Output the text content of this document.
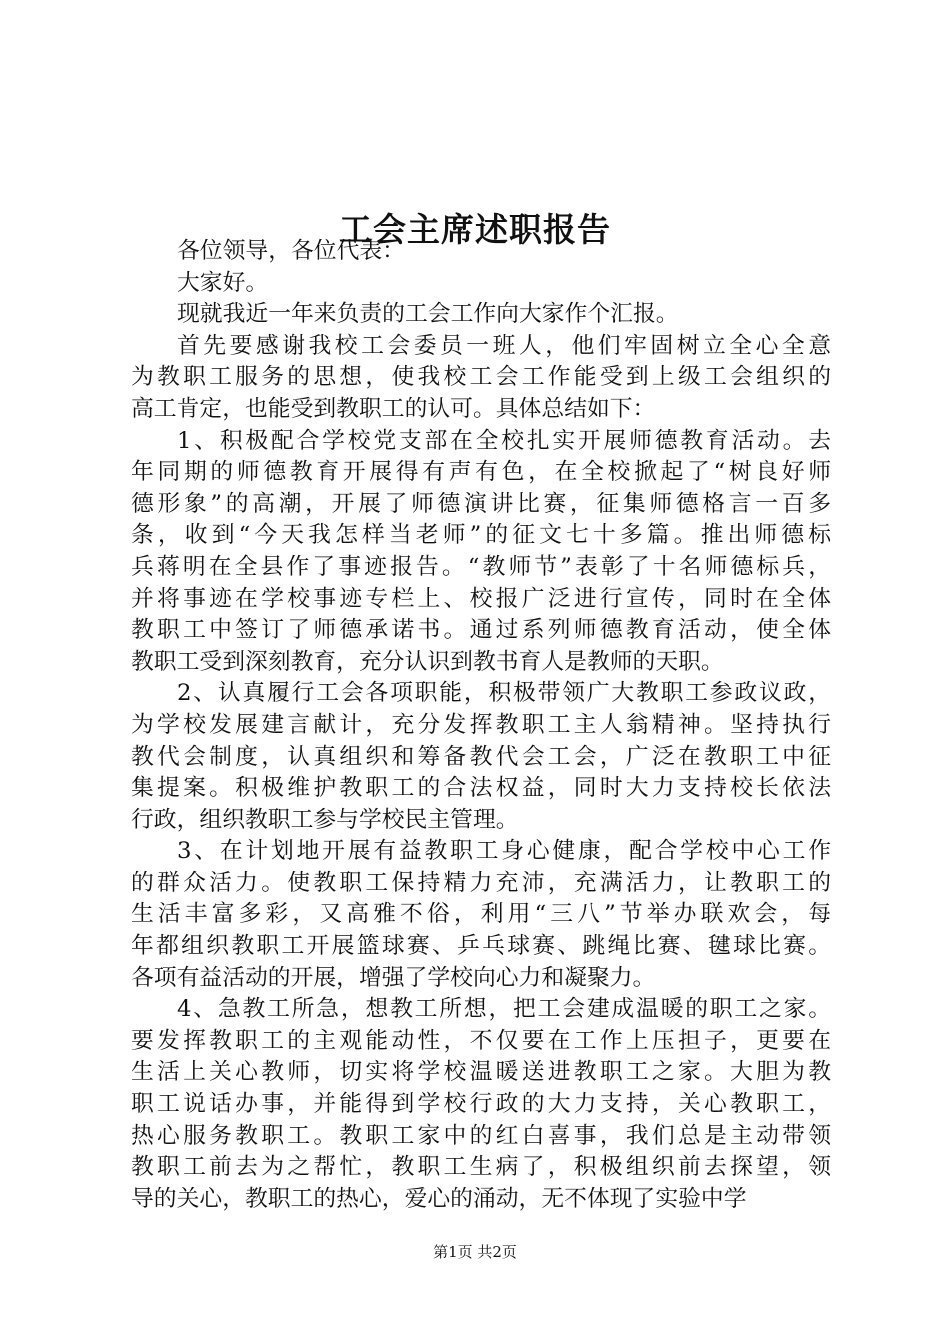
工会主席述职报告
各位领导，各位代表：
大家好。
现就我近一年来负责的工会工作向大家作个汇报。
首先要感谢我校工会委员一班人，他们牢固树立全心全意
为教职工服务的思想，使我校工会工作能受到上级工会组织的
高工肯定，也能受到教职工的认可。具体总结如下：
1、积极配合学校党支部在全校扎实开展师德教育活动。去
年同期的师德教育开展得有声有色，在全校掀起了“树良好师
德形象”的高潮，开展了师德演讲比赛，征集师德格言一百多
条，收到“今天我怎样当老师”的征文七十多篇。推出师德标
兵蒋明在全县作了事迹报告。“教师节”表彰了十名师德标兵，
并将事迹在学校事迹专栏上、校报广泛进行宣传，同时在全体
教职工中签订了师德承诺书。通过系列师德教育活动，使全体
教职工受到深刻教育，充分认识到教书育人是教师的天职。
2、认真履行工会各项职能，积极带领广大教职工参政议政，
为学校发展建言献计，充分发挥教职工主人翁精神。坚持执行
教代会制度，认真组织和筹备教代会工会，广泛在教职工中征
集提案。积极维护教职工的合法权益，同时大力支持校长依法
行政，组织教职工参与学校民主管理。
3、在计划地开展有益教职工身心健康，配合学校中心工作
的群众活力。使教职工保持精力充沛，充满活力，让教职工的
生活丰富多彩，又高雅不俗，利用“三八”节举办联欢会，每
年都组织教职工开展篮球赛、乒乓球赛、跳绳比赛、毽球比赛。
各项有益活动的开展，增强了学校向心力和凝聚力。
4、急教工所急，想教工所想，把工会建成温暖的职工之家。
要发挥教职工的主观能动性，不仅要在工作上压担子，更要在
生活上关心教师，切实将学校温暖送进教职工之家。大胆为教
职工说话办事，并能得到学校行政的大力支持，关心教职工，
热心服务教职工。教职工家中的红白喜事，我们总是主动带领
教职工前去为之帮忙，教职工生病了，积极组织前去探望，领
导的关心，教职工的热心，爱心的涌动，无不体现了实验中学
第1页 共2页
